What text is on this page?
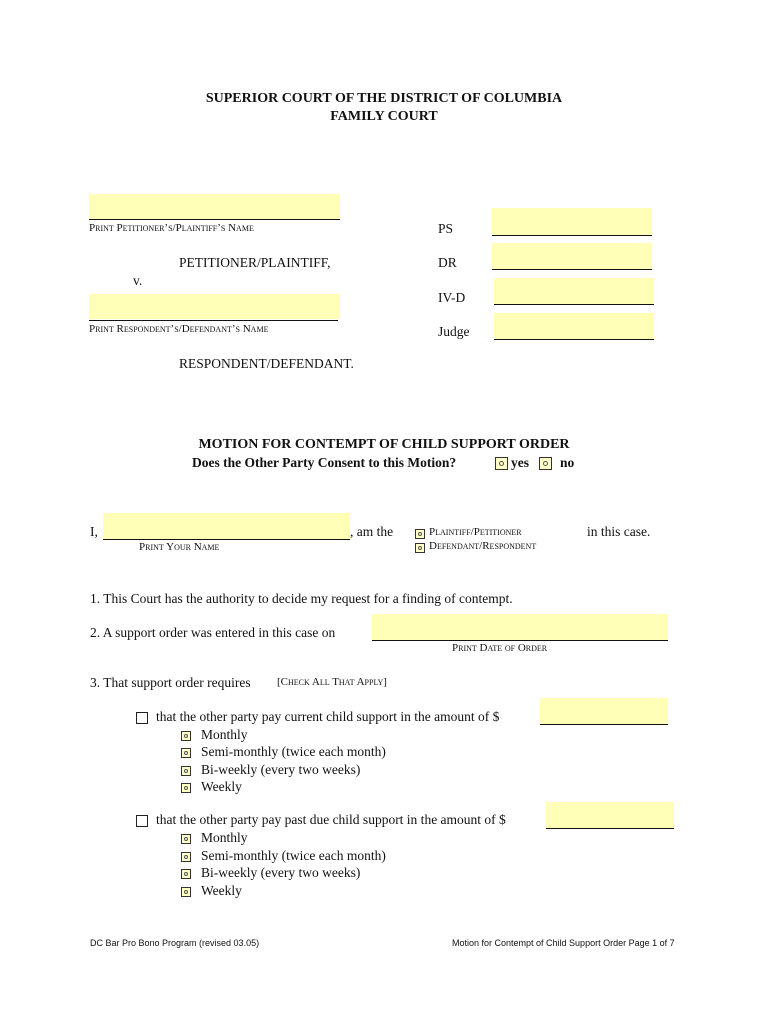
SUPERIOR COURT OF THE DISTRICT OF COLUMBIA
FAMILY COURT
Print Petitioner’s/Plaintiff’s Name
PETITIONER/PLAINTIFF,
v.
Print Respondent’s/Defendant’s Name
RESPONDENT/DEFENDANT.
PS
DR
IV-D
Judge
MOTION FOR CONTEMPT OF CHILD SUPPORT ORDER
Does the Other Party Consent to this Motion?	yes no
I,	, am the
Print Your Name
Plaintiff/Petitioner
Defendant/Respondent
in this case.
1. This Court has the authority to decide my request for a finding of contempt.
2. A support order was entered in this case on
Print Date of Order
3. That support order requires [Check All That Apply]
that the other party pay current child support in the amount of $
Monthly
Semi-monthly (twice each month)
Bi-weekly (every two weeks)
Weekly
that the other party pay past due child support in the amount of $
Monthly
Semi-monthly (twice each month)
Bi-weekly (every two weeks)
Weekly
DC Bar Pro Bono Program (revised 03.05)	Motion for Contempt of Child Support Order Page 1 of 7
